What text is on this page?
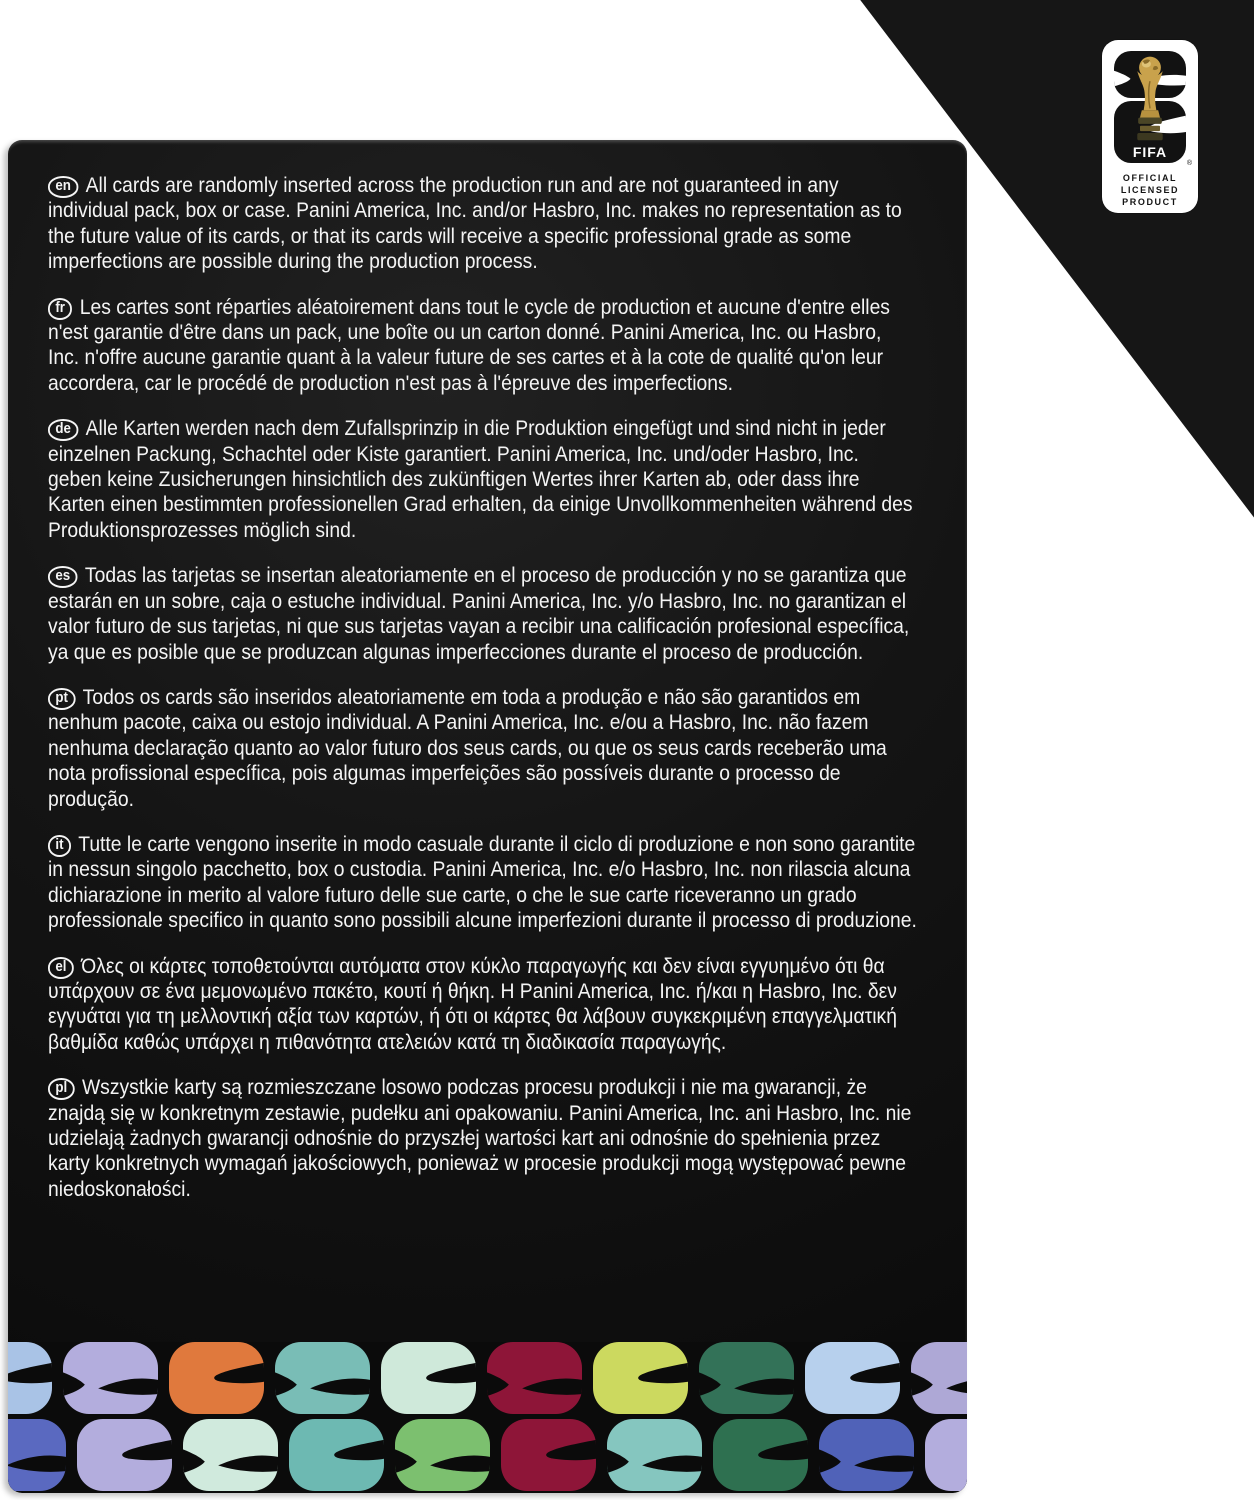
FIFA
®
OFFICIAL
LICENSED
PRODUCT

en All cards are randomly inserted across the production run and are not guaranteed in any individual pack, box or case. Panini America, Inc. and/or Hasbro, Inc. makes no representation as to the future value of its cards, or that its cards will receive a specific professional grade as some imperfections are possible during the production process.

fr Les cartes sont réparties aléatoirement dans tout le cycle de production et aucune d'entre elles n'est garantie d'être dans un pack, une boîte ou un carton donné. Panini America, Inc. ou Hasbro, Inc. n'offre aucune garantie quant à la valeur future de ses cartes et à la cote de qualité qu'on leur accordera, car le procédé de production n'est pas à l'épreuve des imperfections.

de Alle Karten werden nach dem Zufallsprinzip in die Produktion eingefügt und sind nicht in jeder einzelnen Packung, Schachtel oder Kiste garantiert. Panini America, Inc. und/oder Hasbro, Inc. geben keine Zusicherungen hinsichtlich des zukünftigen Wertes ihrer Karten ab, oder dass ihre Karten einen bestimmten professionellen Grad erhalten, da einige Unvollkommenheiten während des Produktionsprozesses möglich sind.

es Todas las tarjetas se insertan aleatoriamente en el proceso de producción y no se garantiza que estarán en un sobre, caja o estuche individual. Panini America, Inc. y/o Hasbro, Inc. no garantizan el valor futuro de sus tarjetas, ni que sus tarjetas vayan a recibir una calificación profesional específica, ya que es posible que se produzcan algunas imperfecciones durante el proceso de producción.

pt Todos os cards são inseridos aleatoriamente em toda a produção e não são garantidos em nenhum pacote, caixa ou estojo individual. A Panini America, Inc. e/ou a Hasbro, Inc. não fazem nenhuma declaração quanto ao valor futuro dos seus cards, ou que os seus cards receberão uma nota profissional específica, pois algumas imperfeições são possíveis durante o processo de produção.

it Tutte le carte vengono inserite in modo casuale durante il ciclo di produzione e non sono garantite in nessun singolo pacchetto, box o custodia. Panini America, Inc. e/o Hasbro, Inc. non rilascia alcuna dichiarazione in merito al valore futuro delle sue carte, o che le sue carte riceveranno un grado professionale specifico in quanto sono possibili alcune imperfezioni durante il processo di produzione.

el Όλες οι κάρτες τοποθετούνται αυτόματα στον κύκλο παραγωγής και δεν είναι εγγυημένο ότι θα υπάρχουν σε ένα μεμονωμένο πακέτο, κουτί ή θήκη. Η Panini America, Inc. ή/και η Hasbro, Inc. δεν εγγυάται για τη μελλοντική αξία των καρτών, ή ότι οι κάρτες θα λάβουν συγκεκριμένη επαγγελματική βαθμίδα καθώς υπάρχει η πιθανότητα ατελειών κατά τη διαδικασία παραγωγής.

pl Wszystkie karty są rozmieszczane losowo podczas procesu produkcji i nie ma gwarancji, że znajdą się w konkretnym zestawie, pudełku ani opakowaniu. Panini America, Inc. ani Hasbro, Inc. nie udzielają żadnych gwarancji odnośnie do przyszłej wartości kart ani odnośnie do spełnienia przez karty konkretnych wymagań jakościowych, ponieważ w procesie produkcji mogą występować pewne niedoskonałości.
